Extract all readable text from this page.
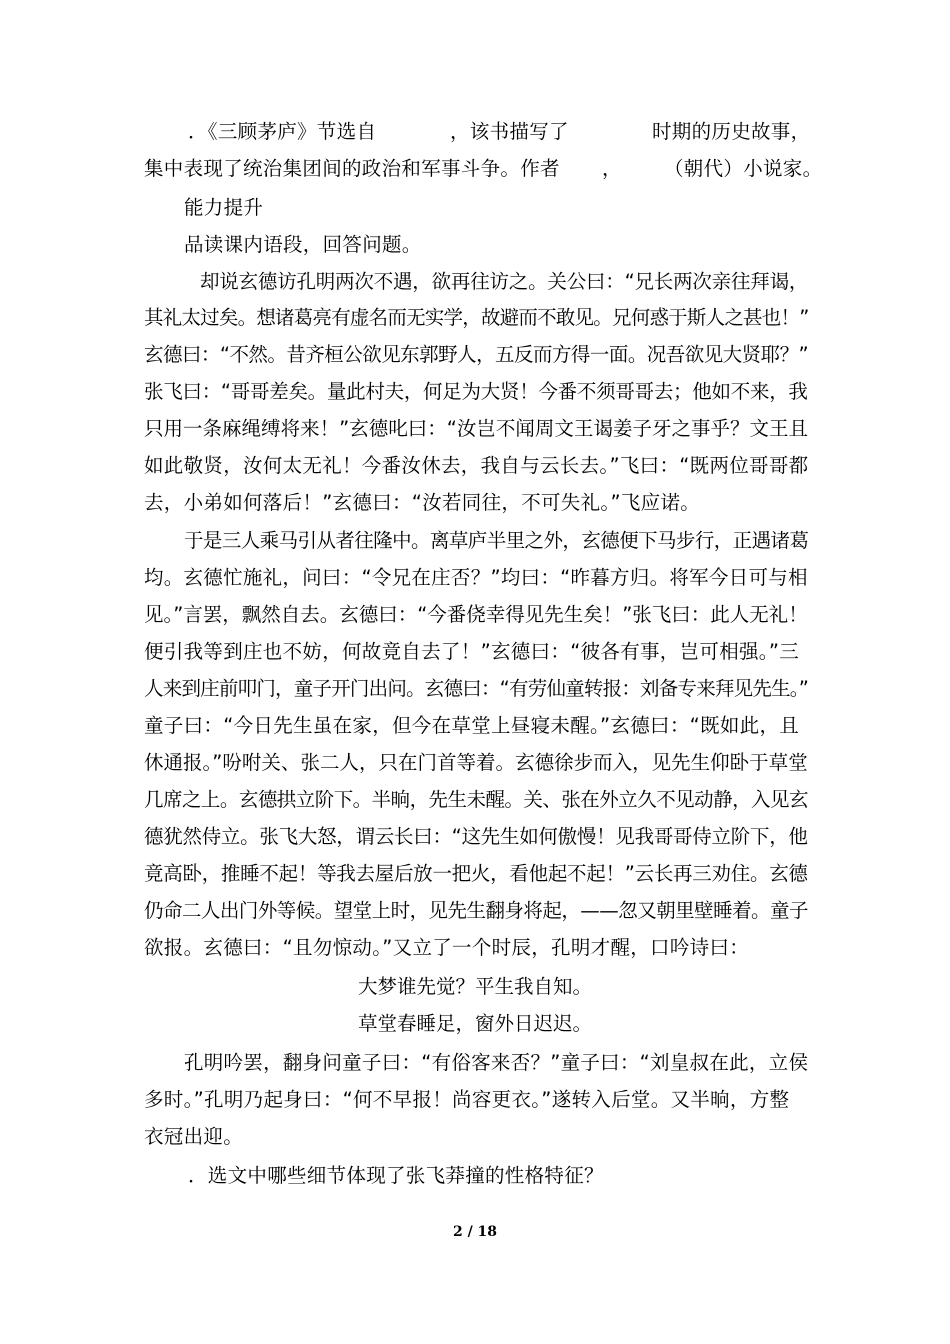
．《三顾茅庐》节选自	，该书描写了	时期的历史故事，
集中表现了统治集团间的政治和军事斗争。作者 ， （朝代）小说家。
能力提升
品读课内语段，回答问题。
却说玄德访孔明两次不遇，欲再往访之。关公曰：“兄长两次亲往拜谒，
其礼太过矣。想诸葛亮有虚名而无实学，故避而不敢见。兄何惑于斯人之甚也！”
玄德曰：“不然。昔齐桓公欲见东郭野人，五反而方得一面。况吾欲见大贤耶？”
张飞曰：“哥哥差矣。量此村夫，何足为大贤！今番不须哥哥去；他如不来，我
只用一条麻绳缚将来！”玄德叱曰：“汝岂不闻周文王谒姜子牙之事乎？文王且
如此敬贤，汝何太无礼！今番汝休去，我自与云长去。”飞曰：“既两位哥哥都
去，小弟如何落后！”玄德曰：“汝若同往，不可失礼。”飞应诺。
于是三人乘马引从者往隆中。离草庐半里之外，玄德便下马步行，正遇诸葛
均。玄德忙施礼，问曰：“令兄在庄否？”均曰：“昨暮方归。将军今日可与相
见。”言罢，飘然自去。玄德曰：“今番侥幸得见先生矣！”张飞曰：此人无礼！
便引我等到庄也不妨，何故竟自去了！”玄德曰：“彼各有事，岂可相强。”三
人来到庄前叩门，童子开门出问。玄德曰：“有劳仙童转报：刘备专来拜见先生。”
童子曰：“今日先生虽在家，但今在草堂上昼寝未醒。”玄德曰：“既如此，且
休通报。”吩咐关、张二人，只在门首等着。玄德徐步而入，见先生仰卧于草堂
几席之上。玄德拱立阶下。半晌，先生未醒。关、张在外立久不见动静，入见玄
德犹然侍立。张飞大怒，谓云长曰：“这先生如何傲慢！见我哥哥侍立阶下，他
竟高卧，推睡不起！等我去屋后放一把火，看他起不起！”云长再三劝住。玄德
仍命二人出门外等候。望堂上时，见先生翻身将起，——忽又朝里壁睡着。童子
欲报。玄德曰：“且勿惊动。”又立了一个时辰，孔明才醒，口吟诗曰：
大梦谁先觉？平生我自知。
草堂春睡足，窗外日迟迟。
孔明吟罢，翻身问童子曰：“有俗客来否？”童子曰：“刘皇叔在此，立侯
多时。”孔明乃起身曰：“何不早报！尚容更衣。”遂转入后堂。又半晌，方整
衣冠出迎。
．选文中哪些细节体现了张飞莽撞的性格特征？
2 / 18
